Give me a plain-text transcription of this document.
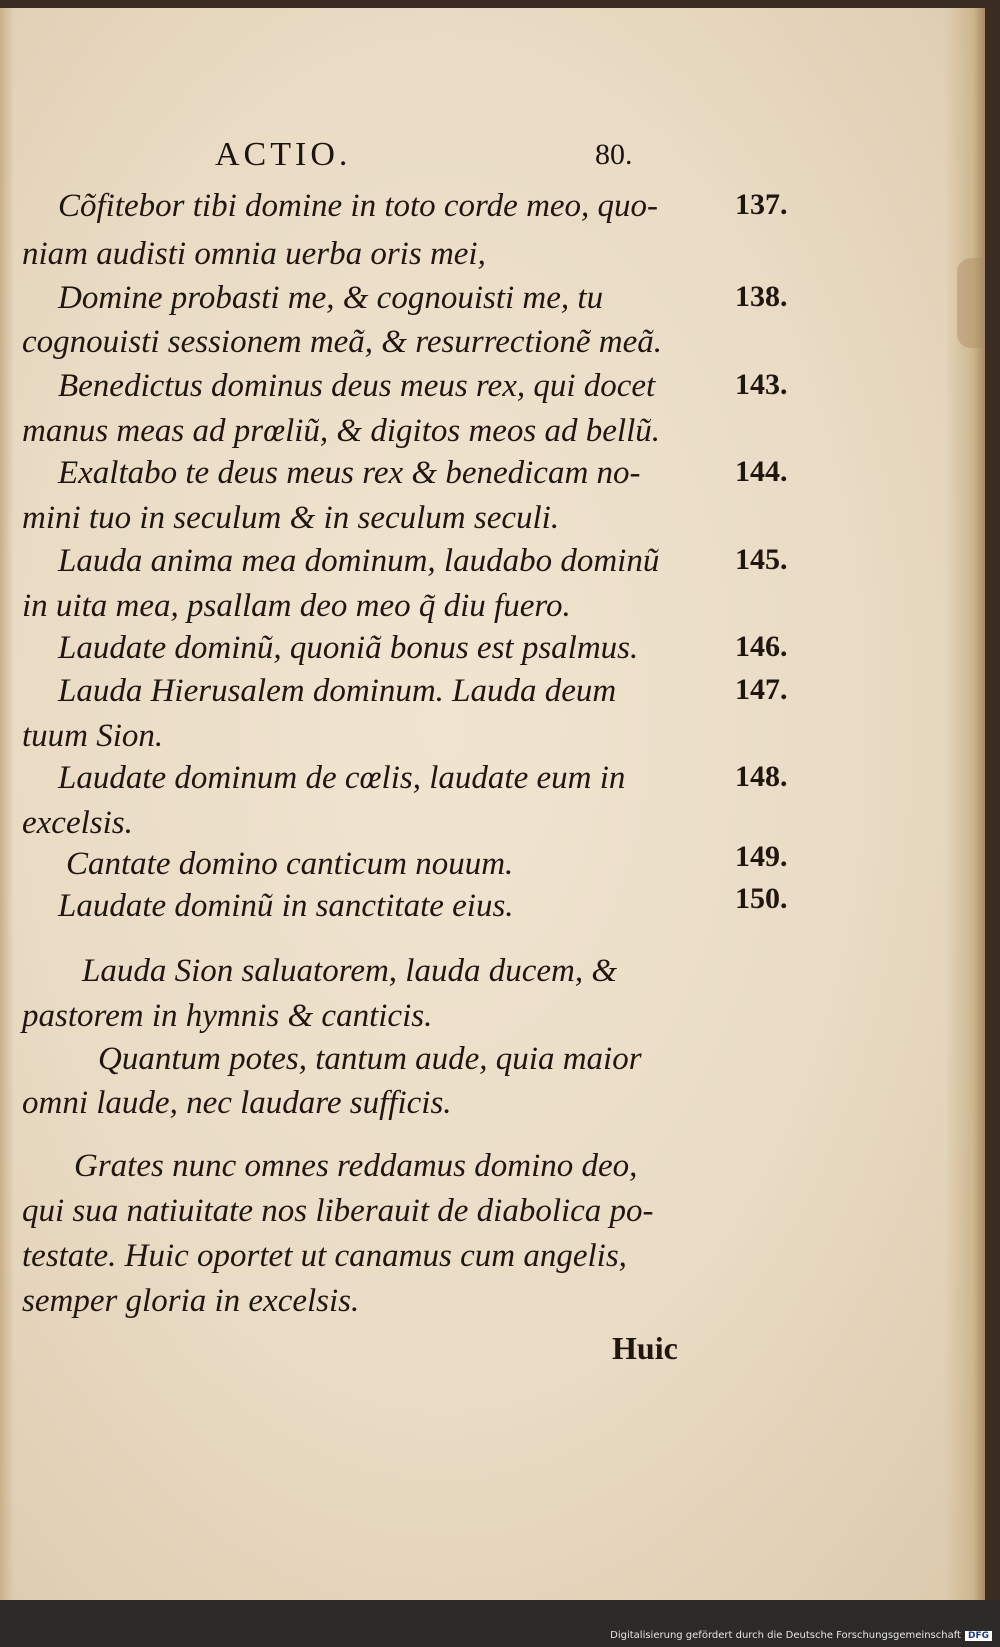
ACTIO.	80.
Cõfitebor tibi domine in toto corde meo, quo-	137.
niam audisti omnia uerba oris mei,
Domine probasti me, & cognouisti me, tu	138.
cognouisti sessionem meã, & resurrectionẽ meã.
Benedictus dominus deus meus rex, qui docet	143.
manus meas ad prœliũ, & digitos meos ad bellũ.
Exaltabo te deus meus rex & benedicam no-	144.
mini tuo in seculum & in seculum seculi.
Lauda anima mea dominum, laudabo dominũ	145.
in uita mea, psallam deo meo q̃ diu fuero.
Laudate dominũ, quoniã bonus est psalmus.	146.
Lauda Hierusalem dominum. Lauda deum	147.
tuum Sion.
Laudate dominum de cœlis, laudate eum in	148.
excelsis.
Cantate domino canticum nouum.	149.
Laudate dominũ in sanctitate eius.	150.
Lauda Sion saluatorem, lauda ducem, &
pastorem in hymnis & canticis.
Quantum potes, tantum aude, quia maior
omni laude, nec laudare sufficis.
Grates nunc omnes reddamus domino deo,
qui sua natiuitate nos liberauit de diabolica po-
testate. Huic oportet ut canamus cum angelis,
semper gloria in excelsis.
Huic
Digitalisierung gefördert durch die Deutsche Forschungsgemeinschaft DFG
